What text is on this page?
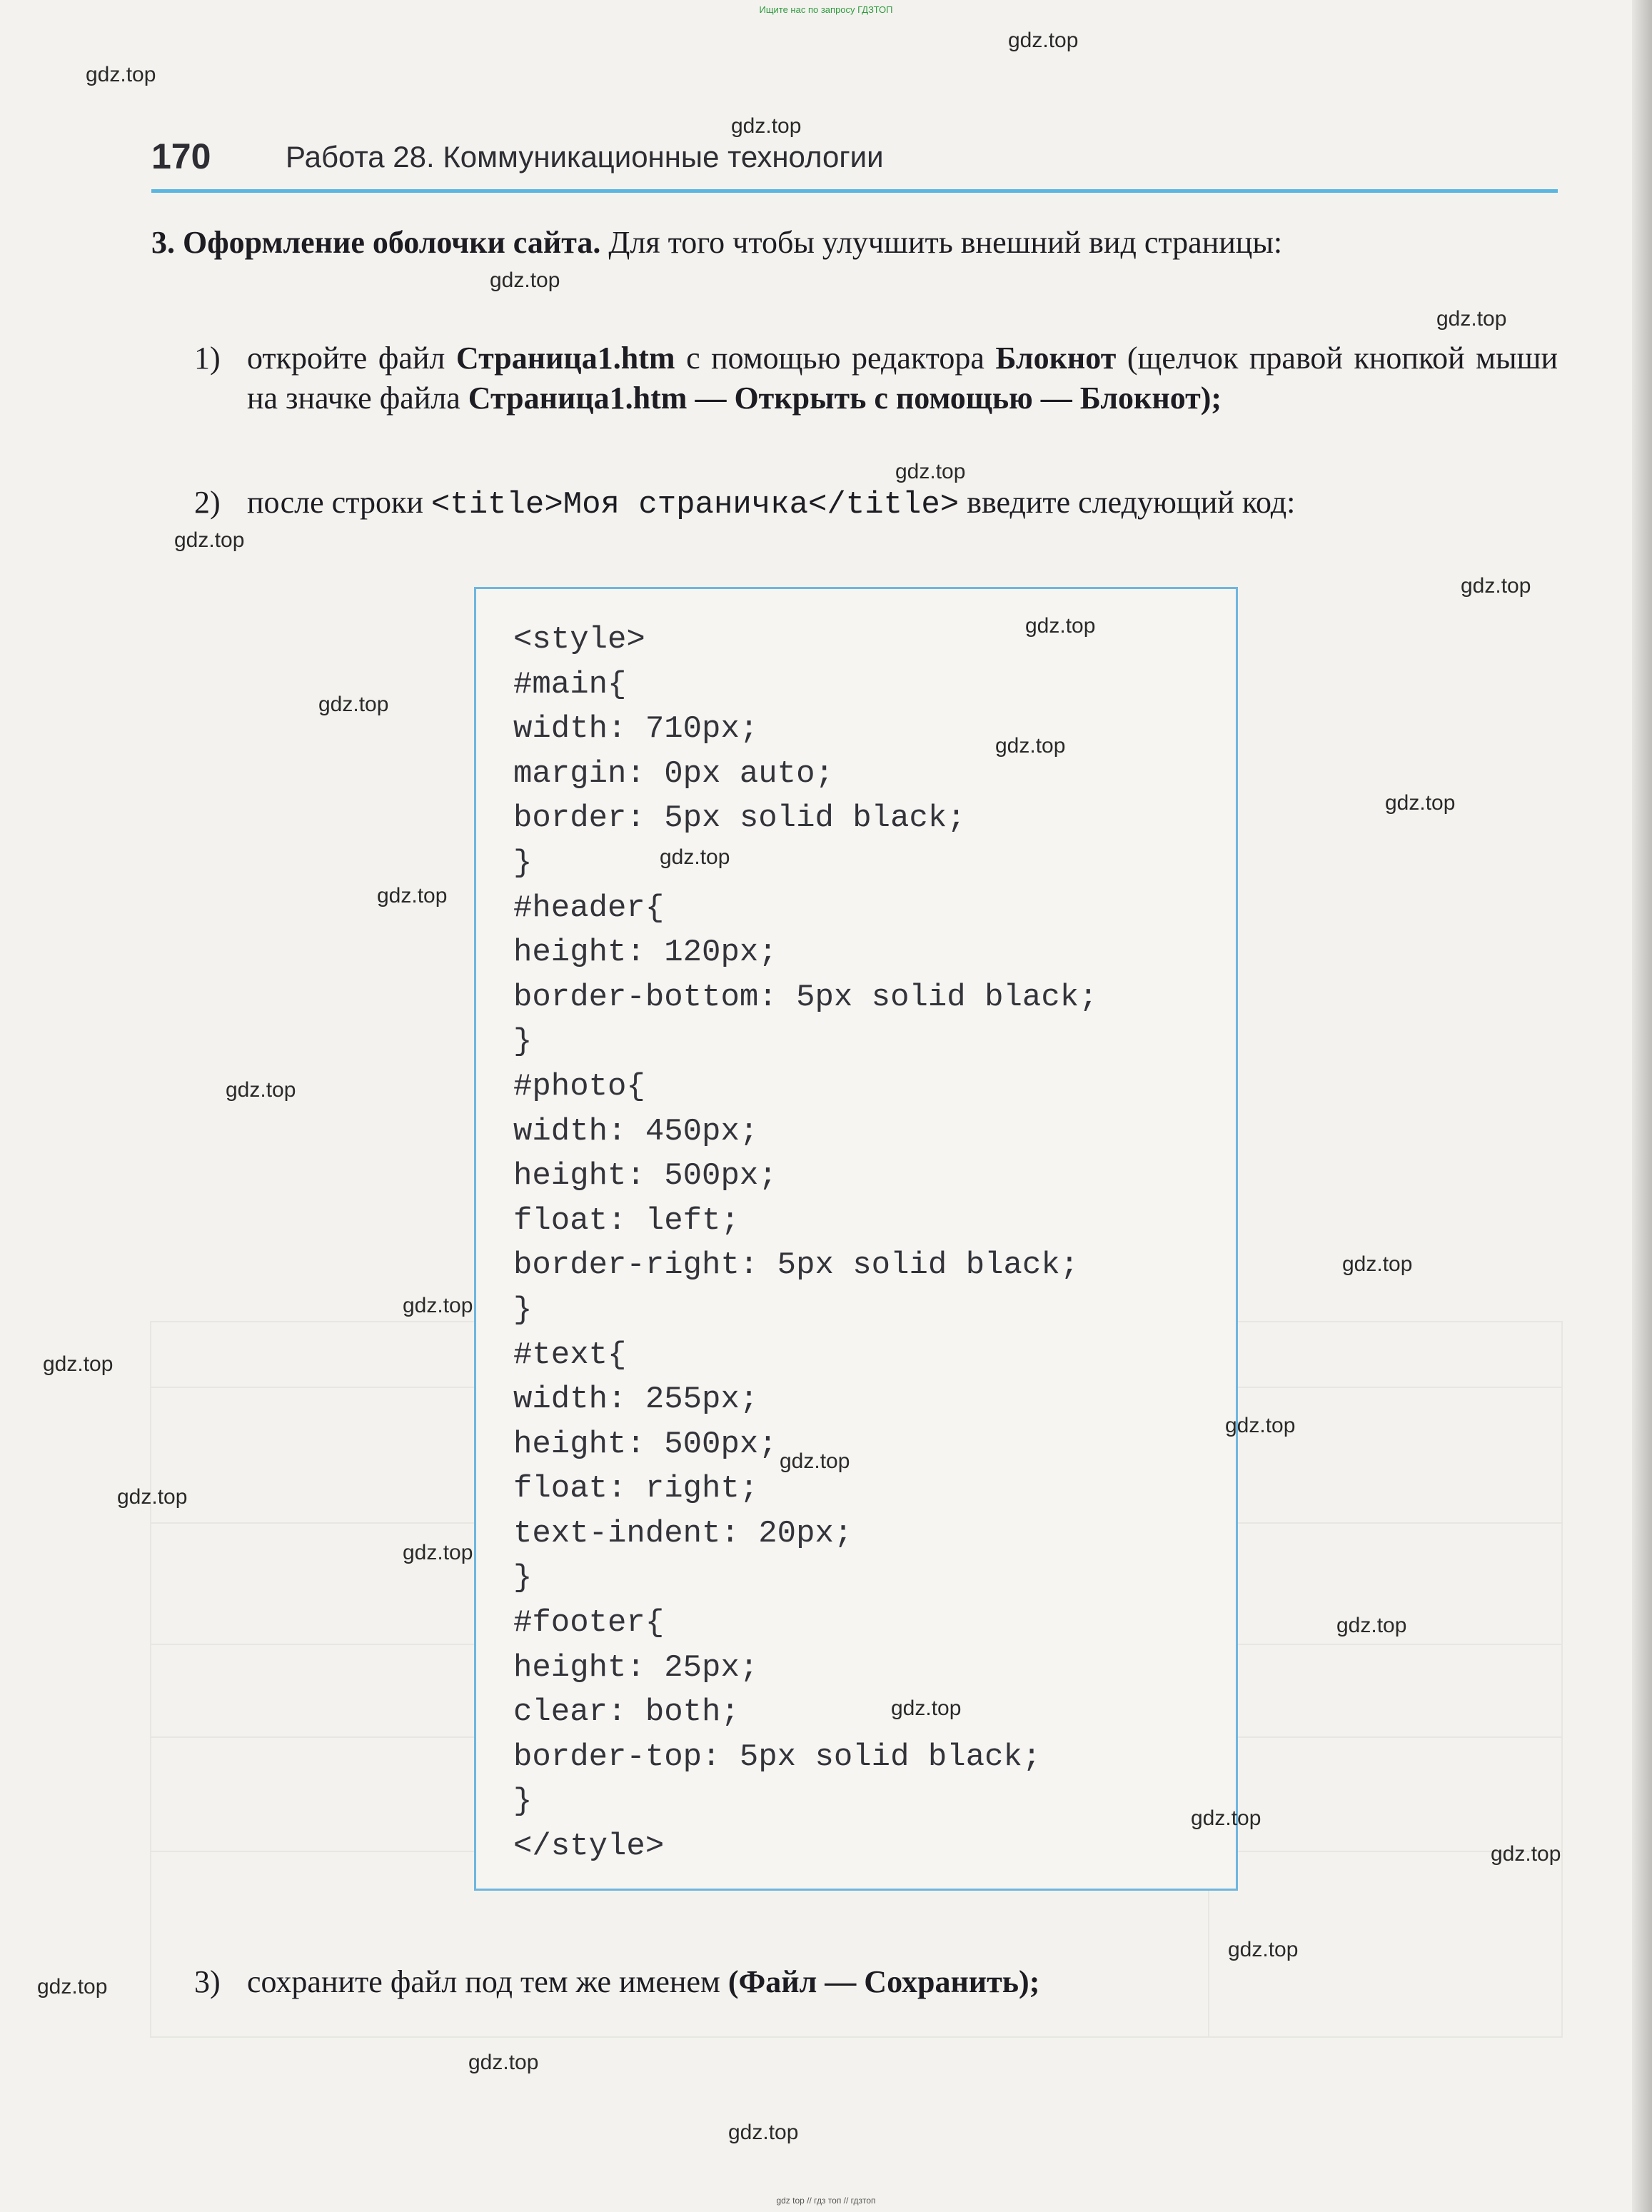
Ищите нас по запросу ГДЗТОП
170 Работа 28. Коммуникационные технологии
3. Оформление оболочки сайта. Для того чтобы улучшить внешний вид страницы:
1) откройте файл Страница1.htm с помощью редактора Блокнот (щелчок правой кнопкой мыши на значке файла Страница1.htm — Открыть с помощью — Блокнот);
2) после строки <title>Моя страничка</title> введите следующий код:
<style>
#main{
width: 710px;
margin: 0px auto;
border: 5px solid black;
}
#header{
height: 120px;
border-bottom: 5px solid black;
}
#photo{
width: 450px;
height: 500px;
float: left;
border-right: 5px solid black;
}
#text{
width: 255px;
height: 500px;
float: right;
text-indent: 20px;
}
#footer{
height: 25px;
clear: both;
border-top: 5px solid black;
}
</style>
3) сохраните файл под тем же именем (Файл — Сохранить);
gdz.top
gdz.top
gdz.top
gdz.top
gdz.top
gdz.top
gdz.top
gdz.top
gdz.top
gdz.top
gdz.top
gdz.top
gdz.top
gdz.top
gdz.top
gdz.top
gdz.top
gdz.top
gdz.top
gdz.top
gdz.top
gdz.top
gdz.top
gdz.top
gdz.top
gdz.top
gdz.top
gdz.top
gdz.top
gdz.top
gdz top // гдз топ // гдзтоп
